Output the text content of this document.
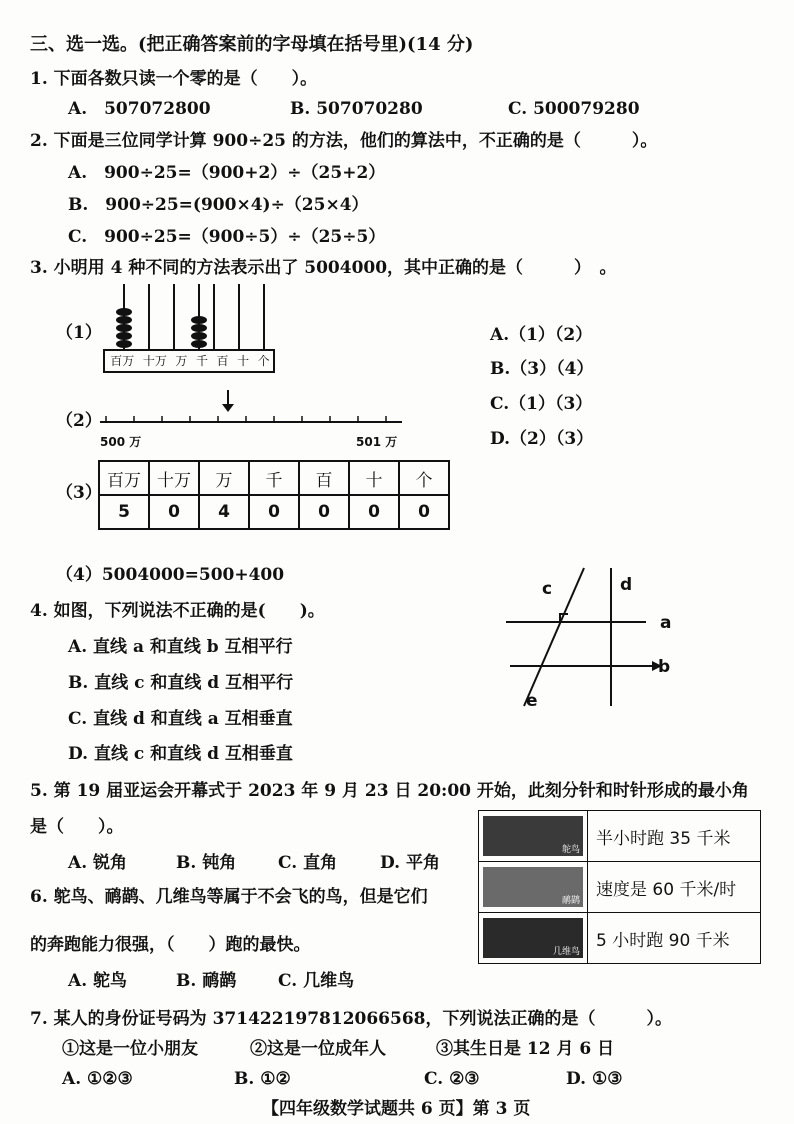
三、选一选。(把正确答案前的字母填在括号里)(14 分)
1. 下面各数只读一个零的是（　　）。
A.　507072800	B. 507070280	C. 500079280
2. 下面是三位同学计算 900÷25 的方法，他们的算法中，不正确的是（　　　）。
A.　900÷25=（900+2）÷（25+2）
B.　900÷25=(900×4)÷（25×4）
C.　900÷25=（900÷5）÷（25÷5）
3. 小明用 4 种不同的方法表示出了 5004000，其中正确的是（　　　）　。
（1）
百万 十万 万 千 百 十 个
（2）
500 万	501 万
（3）
百万	十万	万	千	百	十	个
5	0	4	0	0	0	0
（4）5004000=500+400
A.（1）（2）
B.（3）（4）
C.（1）（3）
D.（2）（3）
4. 如图，下列说法不正确的是(　　)。
A. 直线 a 和直线 b 互相平行
B. 直线 c 和直线 d 互相平行
C. 直线 d 和直线 a 互相垂直
D. 直线 c 和直线 d 互相垂直
c	d
a
b
e
5. 第 19 届亚运会开幕式于 2023 年 9 月 23 日 20:00 开始，此刻分针和时针形成的最小角
是（　　）。
A. 锐角	B. 钝角 C. 直角	D. 平角
6. 鸵鸟、鸸鹋、几维鸟等属于不会飞的鸟，但是它们
的奔跑能力很强，（　　）跑的最快。
A. 鸵鸟	B. 鸸鹋 C. 几维鸟
鸵鸟	半小时跑 35 千米

鸸鹋	速度是 60 千米/时

几维鸟	5 小时跑 90 千米
7. 某人的身份证号码为 371422197812066568，下列说法正确的是（　　　）。
①这是一位小朋友	②这是一位成年人	③其生日是 12 月 6 日
A. ①②③	B. ①②	C. ②③	D. ①③
【四年级数学试题共 6 页】第 3 页
